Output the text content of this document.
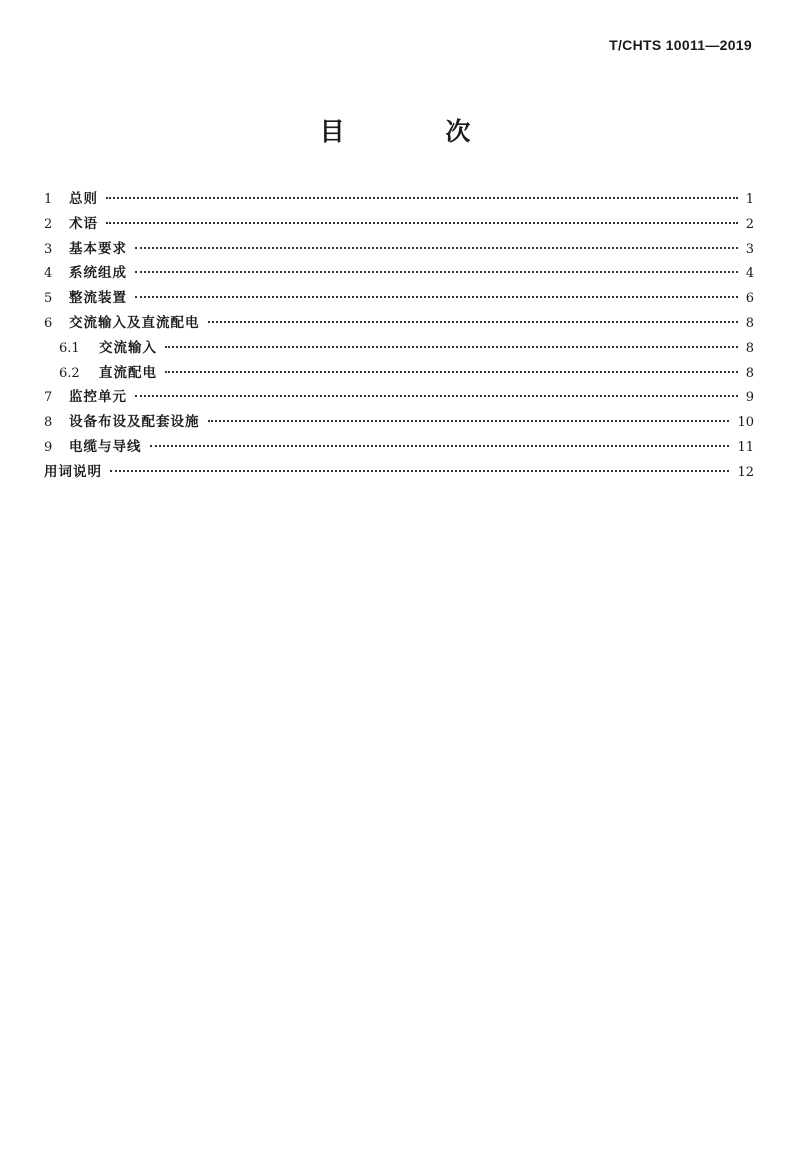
T/CHTS 10011—2019
目 次
1	总则	1
2	术语	2
3	基本要求	3
4	系统组成	4
5	整流装置	6
6	交流输入及直流配电	8
6.1	交流输入	8
6.2	直流配电	8
7	监控单元	9
8	设备布设及配套设施	10
9	电缆与导线	11
用词说明	12
